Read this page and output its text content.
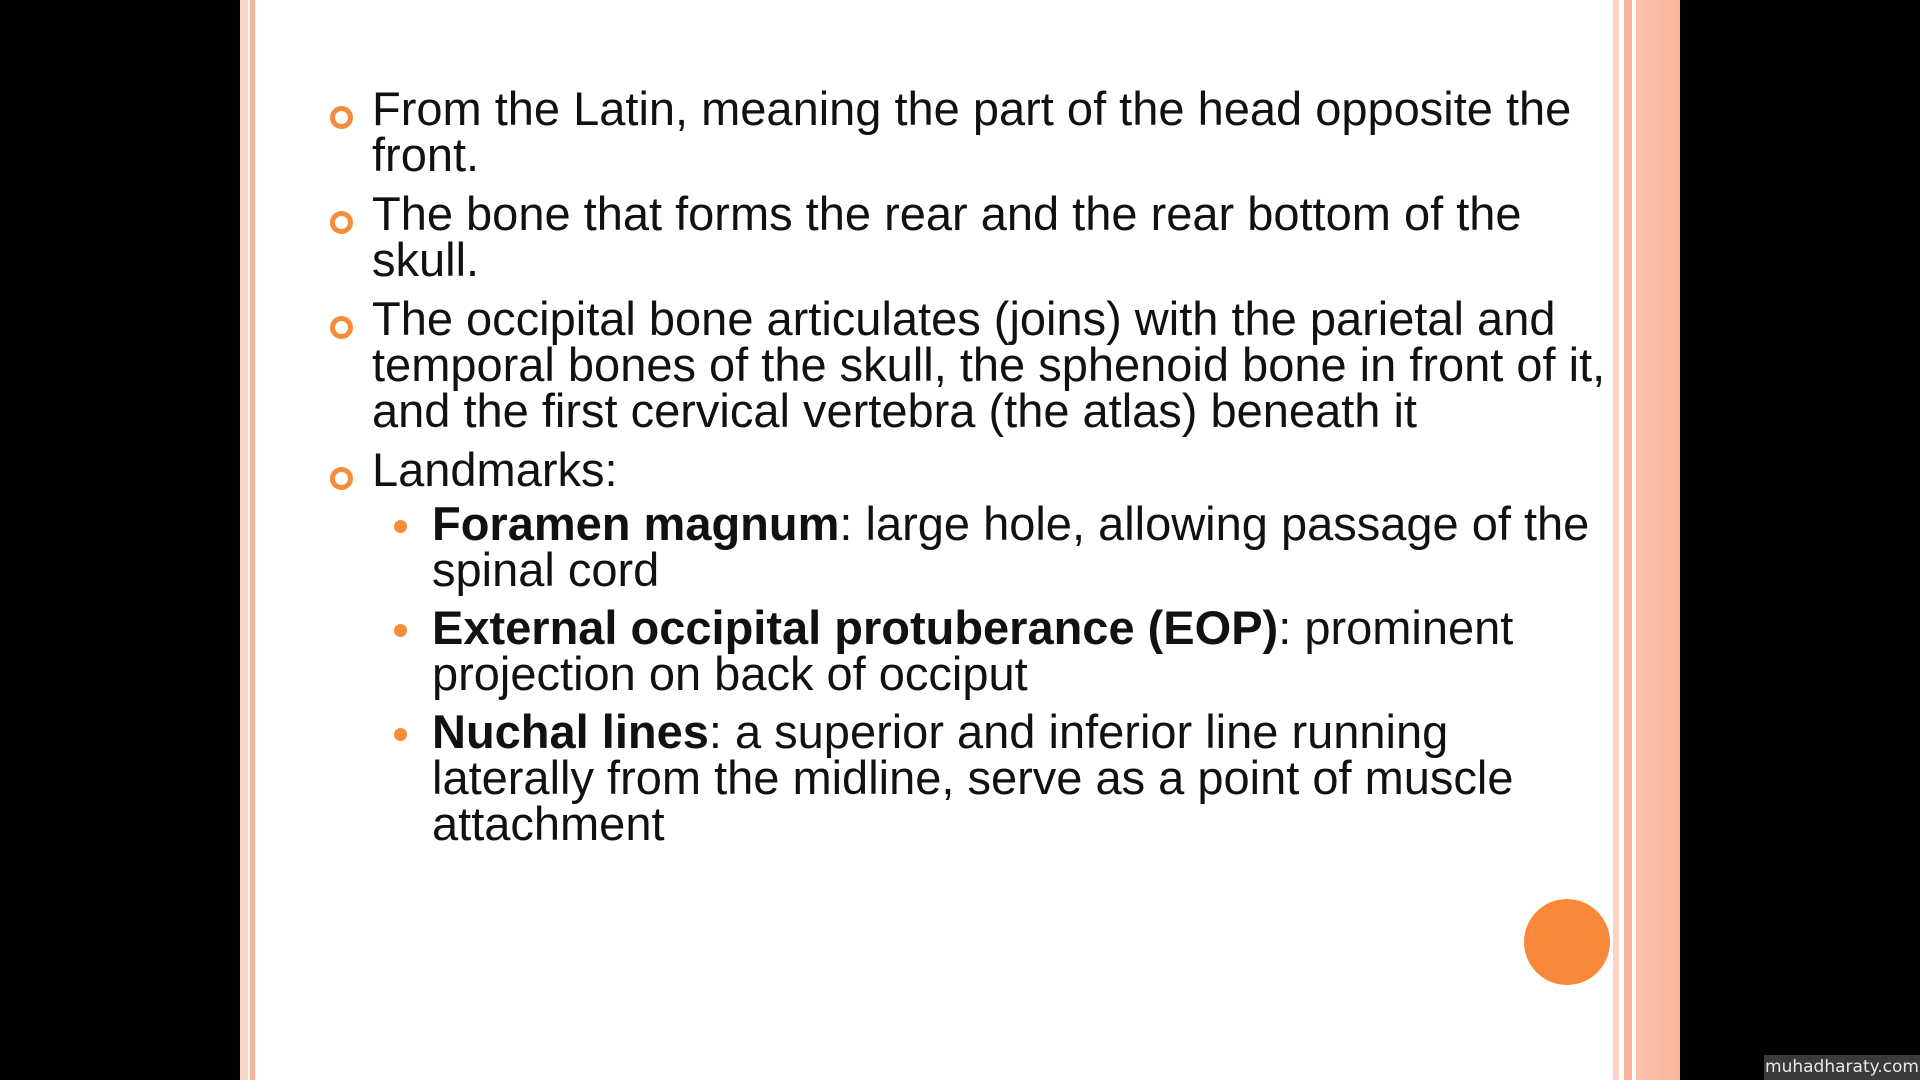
From the Latin, meaning the part of the head opposite the front.
The bone that forms the rear and the rear bottom of the skull.
The occipital bone articulates (joins) with the parietal and temporal bones of the skull, the sphenoid bone in front of it, and the first cervical vertebra (the atlas) beneath it
Landmarks:
Foramen magnum: large hole, allowing passage of the spinal cord
External occipital protuberance (EOP): prominent projection on back of occiput
Nuchal lines: a superior and inferior line running laterally from the midline, serve as a point of muscle attachment
muhadharaty.com
